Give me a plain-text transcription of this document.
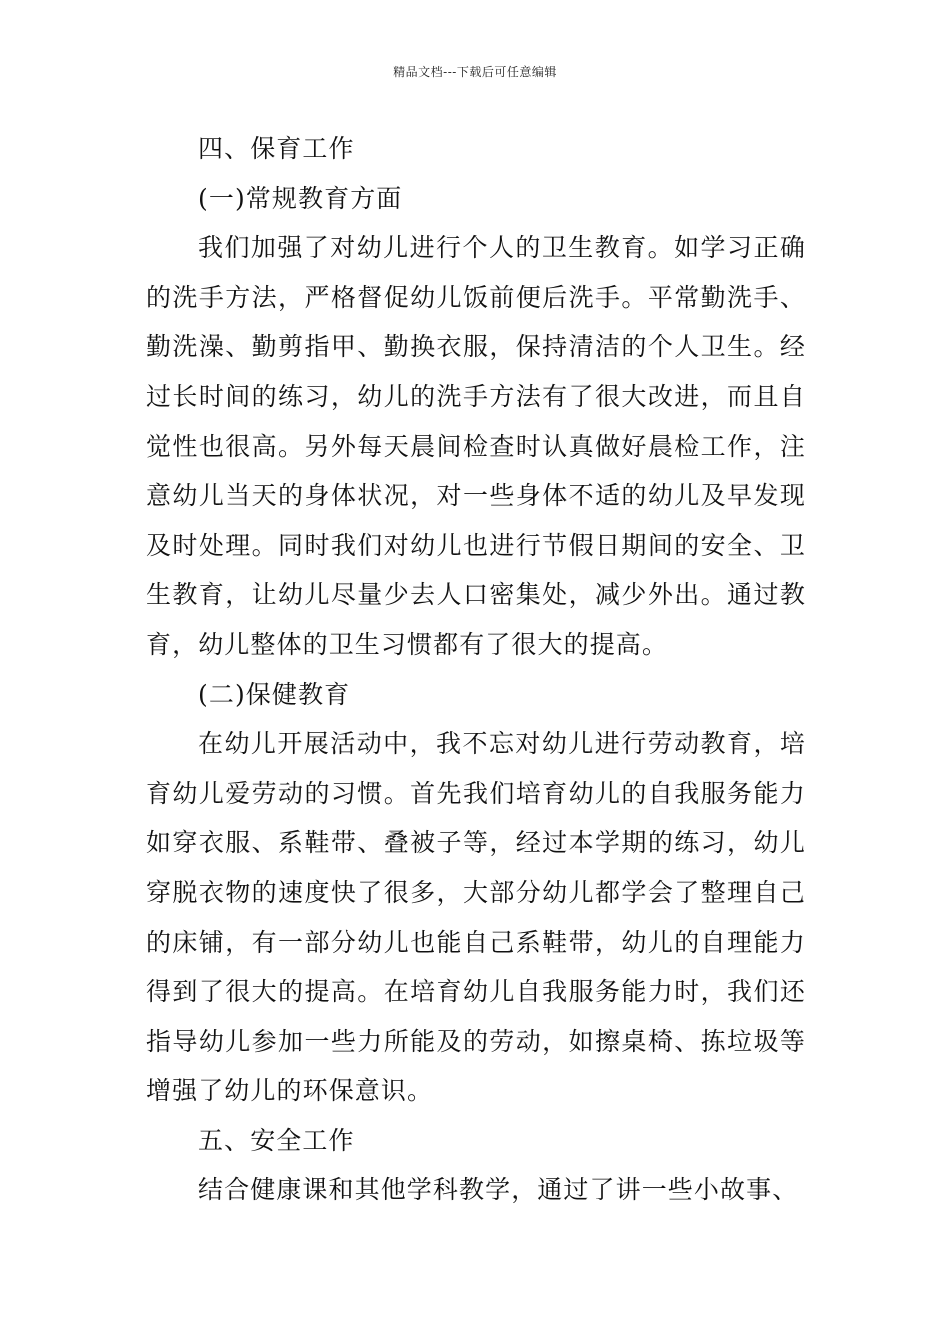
精品文档---下载后可任意编辑

四、保育工作

(一)常规教育方面

我们加强了对幼儿进行个人的卫生教育。如学习正确的洗手方法，严格督促幼儿饭前便后洗手。平常勤洗手、勤洗澡、勤剪指甲、勤换衣服，保持清洁的个人卫生。经过长时间的练习，幼儿的洗手方法有了很大改进，而且自觉性也很高。另外每天晨间检查时认真做好晨检工作，注意幼儿当天的身体状况，对一些身体不适的幼儿及早发现及时处理。同时我们对幼儿也进行节假日期间的安全、卫生教育，让幼儿尽量少去人口密集处，减少外出。通过教育，幼儿整体的卫生习惯都有了很大的提高。

(二)保健教育

在幼儿开展活动中，我不忘对幼儿进行劳动教育，培育幼儿爱劳动的习惯。首先我们培育幼儿的自我服务能力如穿衣服、系鞋带、叠被子等，经过本学期的练习，幼儿穿脱衣物的速度快了很多，大部分幼儿都学会了整理自己的床铺，有一部分幼儿也能自己系鞋带，幼儿的自理能力得到了很大的提高。在培育幼儿自我服务能力时，我们还指导幼儿参加一些力所能及的劳动，如擦桌椅、拣垃圾等增强了幼儿的环保意识。

五、安全工作

结合健康课和其他学科教学，通过了讲一些小故事、
